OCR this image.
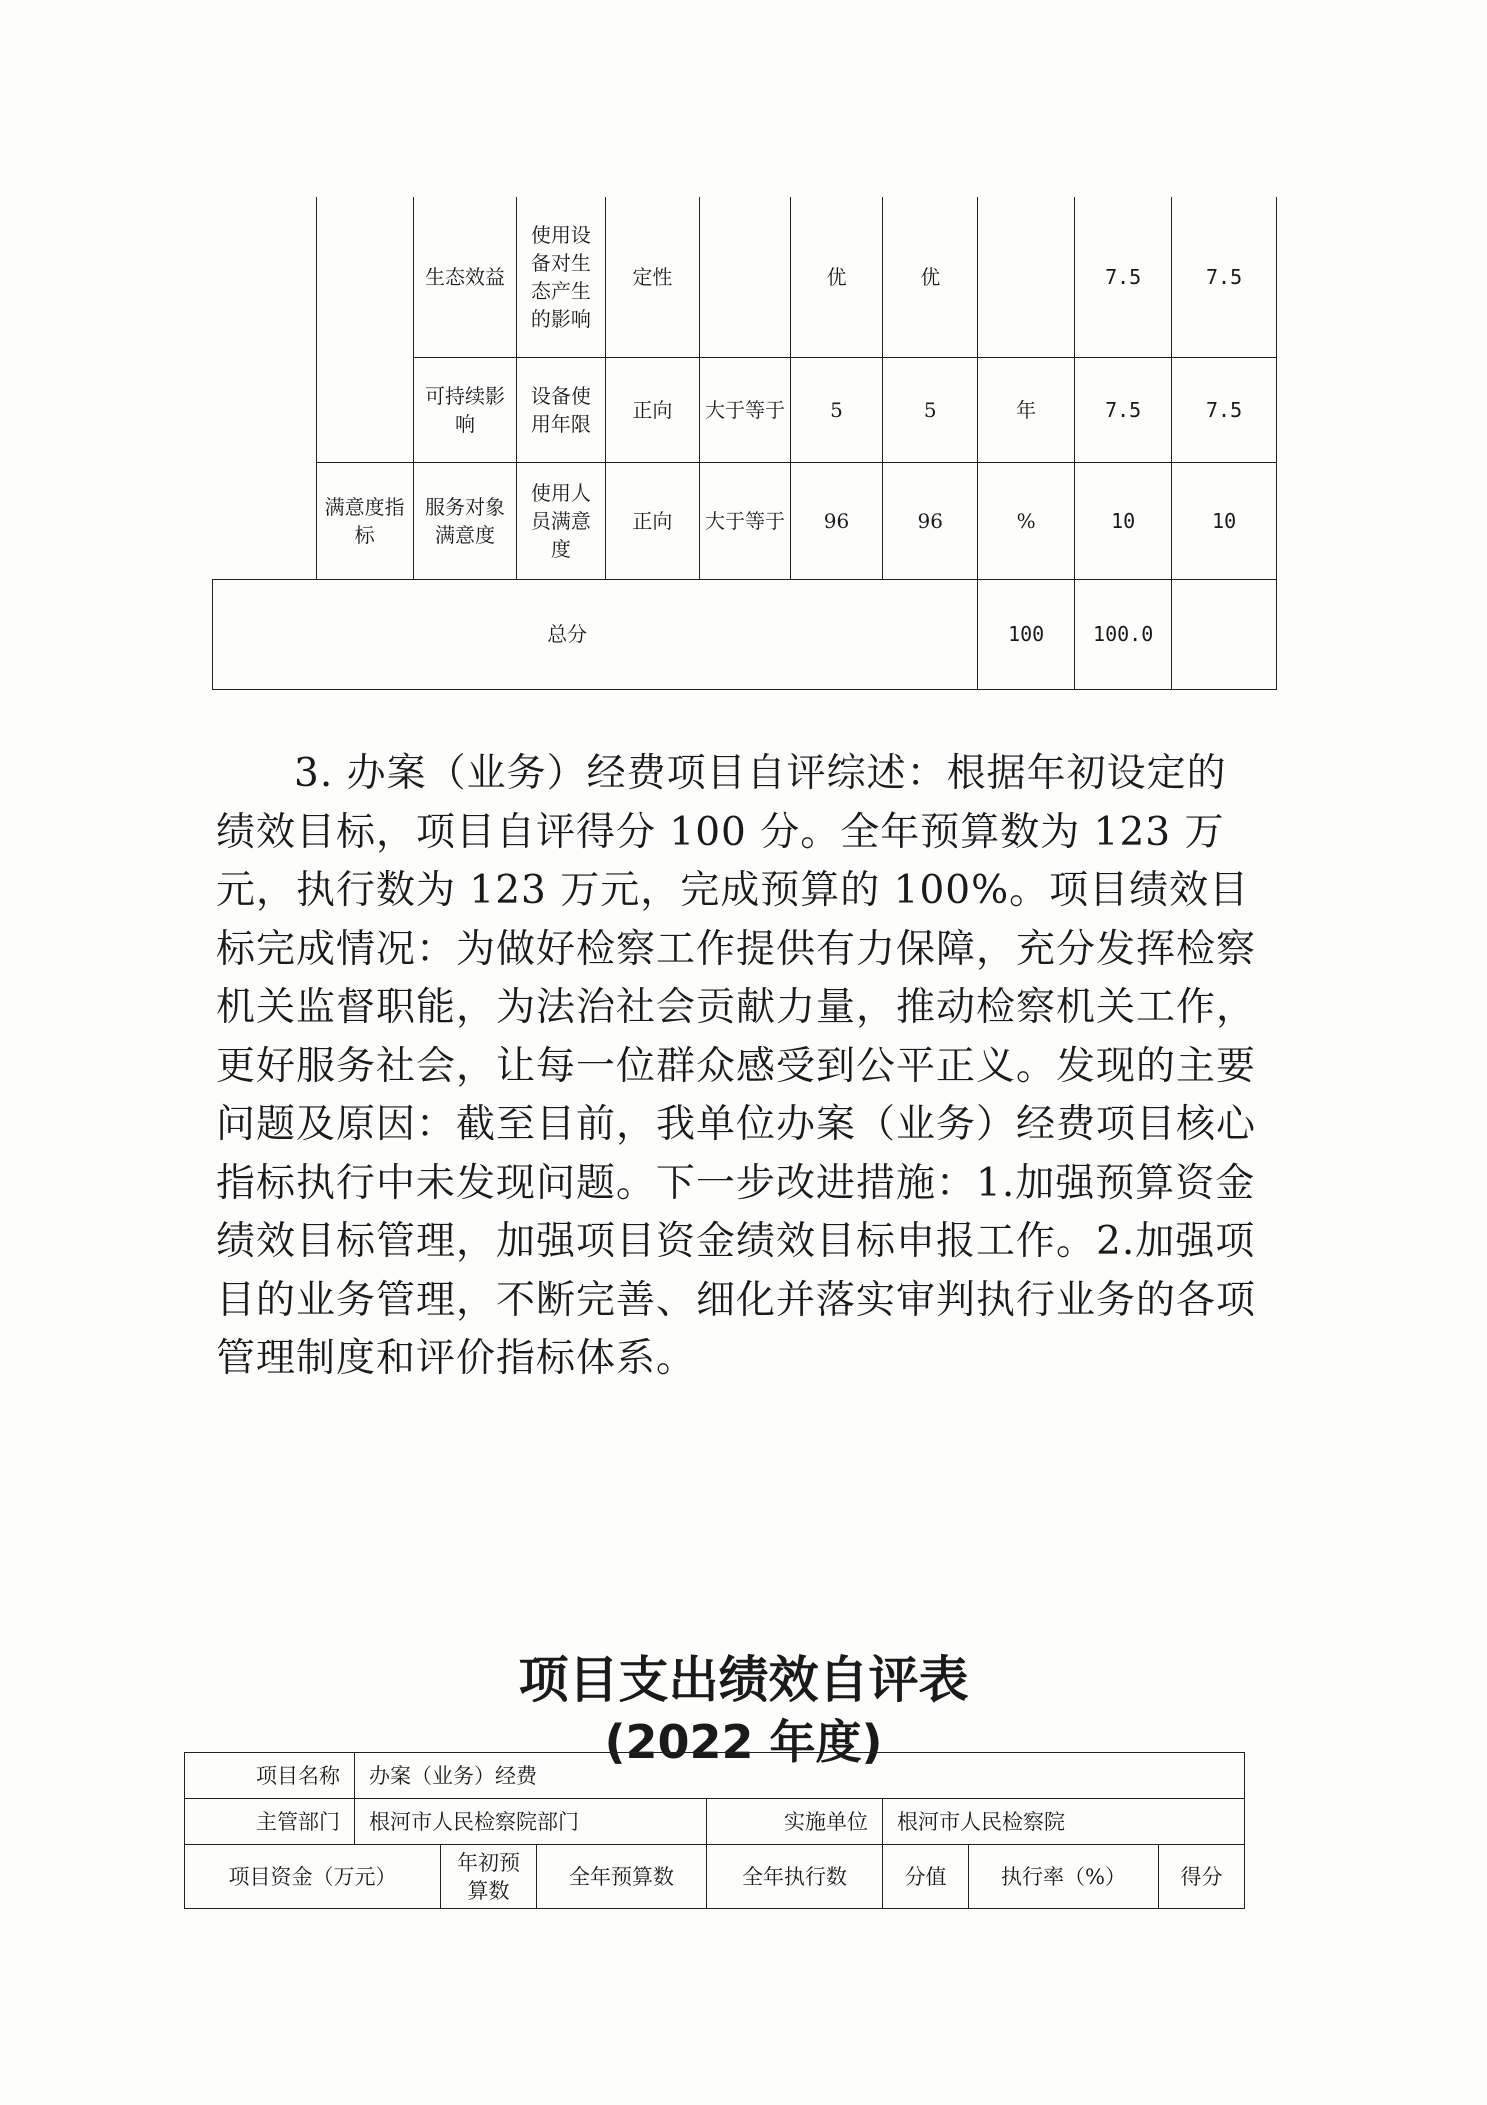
		生态效益	使用设备对生态产生的影响	定性		优	优		7.5	7.5
		可持续影响	设备使用年限	正向	大于等于	5	5	年	7.5	7.5
	满意度指标	服务对象满意度	使用人员满意度	正向	大于等于	96	96	%	10	10
总分								100	100.0	

3. 办案（业务）经费项目自评综述：根据年初设定的绩效目标，项目自评得分 100 分。全年预算数为 123 万元，执行数为 123 万元，完成预算的 100%。项目绩效目标完成情况：为做好检察工作提供有力保障，充分发挥检察机关监督职能，为法治社会贡献力量，推动检察机关工作，更好服务社会，让每一位群众感受到公平正义。发现的主要问题及原因：截至目前，我单位办案（业务）经费项目核心指标执行中未发现问题。下一步改进措施：1.加强预算资金绩效目标管理，加强项目资金绩效目标申报工作。2.加强项目的业务管理，不断完善、细化并落实审判执行业务的各项管理制度和评价指标体系。

项目支出绩效自评表
(2022 年度)
项目名称	办案（业务）经费						
主管部门	根河市人民检察院部门			实施单位	根河市人民检察院		
项目资金（万元）		年初预算数	全年预算数	全年执行数	分值	执行率（%）	得分
